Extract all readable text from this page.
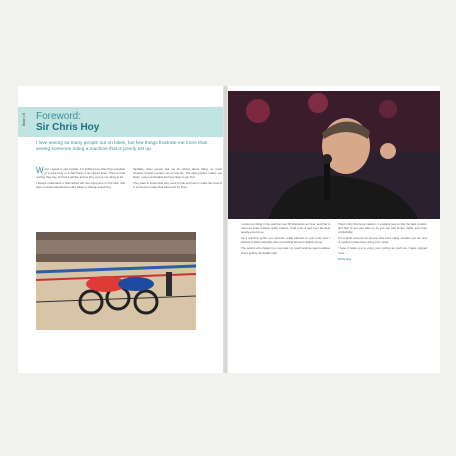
Base | 8 Foreword:
Sir Chris Hoy
I love seeing so many people out on bikes, but few things frustrate me more than seeing someone riding a machine that is poorly set up.
W hen I speak to new cyclists, it is striking how often they complain of a sore body or a bad back or an injured knee. They've tried cycling, they say, but find it painful, and so they end up not riding at all.

I always understand it. Bad aches will ruin enjoyment on the bike, and often a simple adjustment is all it takes to change everything.

Similarly, when people ask me for advice about riding, so much revolves around a proper set-up that fits. The right position makes you faster, more comfortable and less likely to get hurt.

They want to know what they need to ride and how to make the most of it, and how to make their bike work for them.

I ended up riding in the world at over 60 kilometres an hour, and that is when an exact position really matters. I had a lot of help from the best people around me.

As a full-time cyclist you become really attuned to your body and I learned to listen carefully when something felt even slightly wrong.

The person who helped me most was my coach and we spent endless hours getting the details right.

That is why this book matters. It explains how to find the best position and how to set your bike up so you can ride longer, faster and more comfortably.

It is a great resource for anyone who loves riding, whether you are new to cycling or have been doing it for years.

I hope it helps you to enjoy your cycling as much as I have enjoyed mine.

Chris Hoy
